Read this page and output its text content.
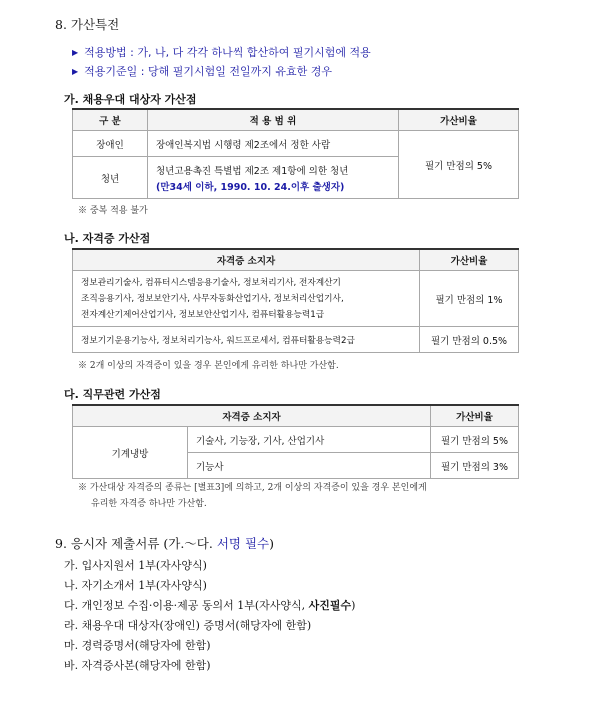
8. 가산특전
▶ 적용방법 : 가, 나, 다 각각 하나씩 합산하여 필기시험에 적용
▶ 적용기준일 : 당해 필기시험일 전일까지 유효한 경우
가. 채용우대 대상자 가산점
구 분	적 용 범 위	가산비율
장애인	장애인복지법 시행령 제2조에서 정한 사람	필기 만점의 5%
청년	청년고용촉진 특별법 제2조 제1항에 의한 청년
(만34세 이하, 1990. 10. 24.이후 출생자)	
※ 중복 적용 불가
나. 자격증 가산점
자격증 소지자	가산비율

정보관리기술사, 컴퓨터시스템응용기술사, 정보처리기사, 전자계산기
조직응용기사, 정보보안기사, 사무자동화산업기사, 정보처리산업기사,
전자계산기제어산업기사, 정보보안산업기사, 컴퓨터활용능력1급	필기 만점의 1%
정보기기운용기능사, 정보처리기능사, 워드프로세서, 컴퓨터활용능력2급	필기 만점의 0.5%
※ 2개 이상의 자격증이 있을 경우 본인에게 유리한 하나만 가산함.
다. 직무관련 가산점
자격증 소지자		가산비율
기계냉방	기술사, 기능장, 기사, 산업기사	필기 만점의 5%
	기능사	필기 만점의 3%
※ 가산대상 자격증의 종류는 [별표3]에 의하고, 2개 이상의 자격증이 있을 경우 본인에게
유리한 자격증 하나만 가산함.
9. 응시자 제출서류 (가.～다. 서명 필수)
가. 입사지원서 1부(자사양식)
나. 자기소개서 1부(자사양식)
다. 개인정보 수집·이용·제공 동의서 1부(자사양식, 사진필수)
라. 채용우대 대상자(장애인) 증명서(해당자에 한함)
마. 경력증명서(해당자에 한함)
바. 자격증사본(해당자에 한함)
